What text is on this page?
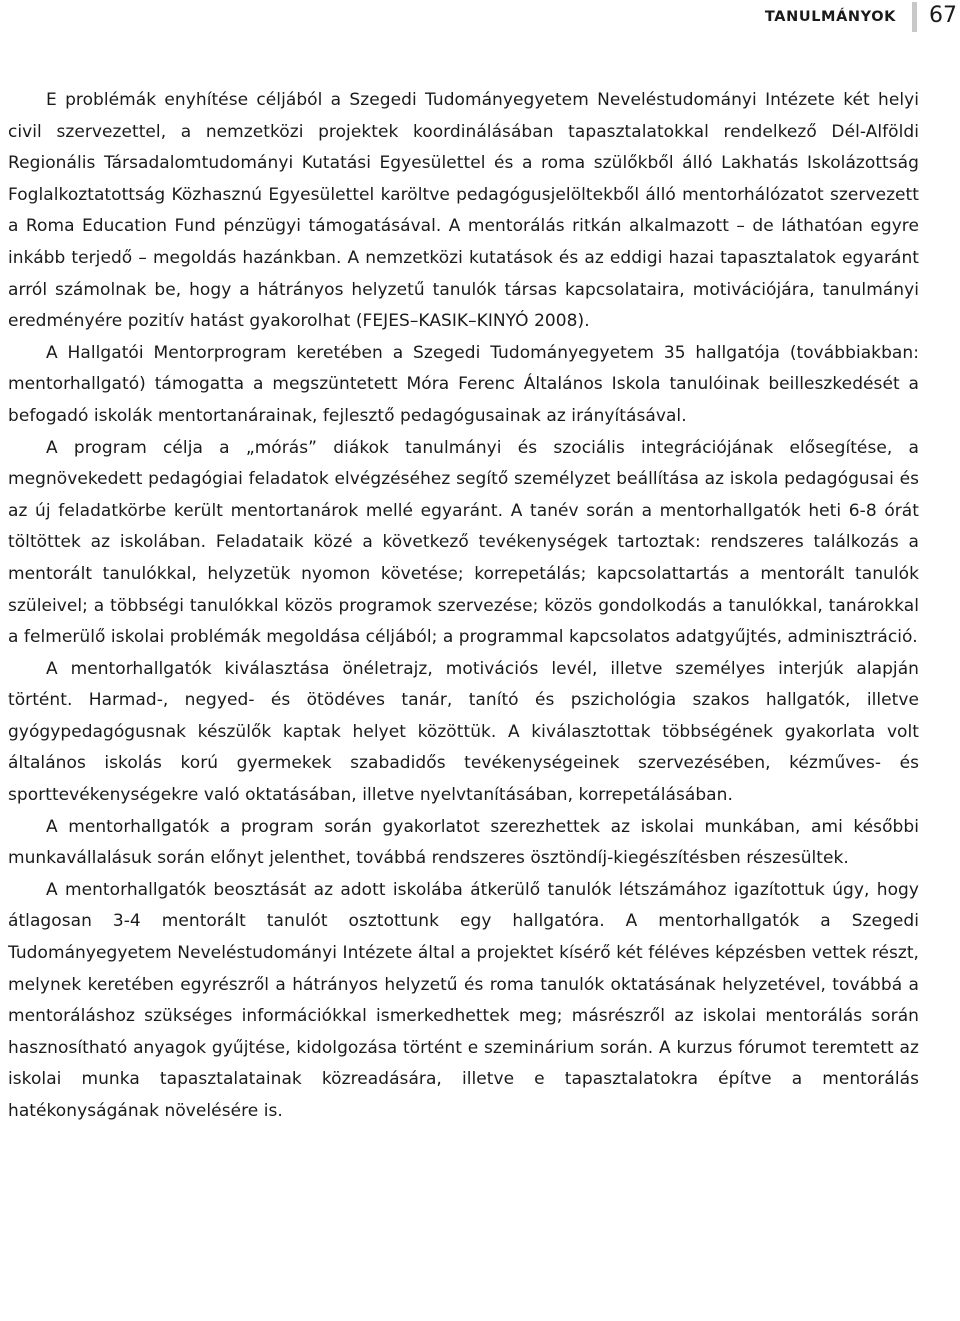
TANULMÁNYOK 67

E problémák enyhítése céljából a Szegedi Tudományegyetem Neveléstudományi Intézete két helyi civil szervezettel, a nemzetközi projektek koordinálásában tapasztalatokkal rendelkező Dél-Alföldi Regionális Társadalomtudományi Kutatási Egyesülettel és a roma szülőkből álló Lakhatás Iskolázottság Foglalkoztatottság Közhasznú Egyesülettel karöltve pedagógusjelöltekből álló mentorhálózatot szervezett a Roma Education Fund pénzügyi támogatásával. A mentorálás ritkán alkalmazott – de láthatóan egyre inkább terjedő – megoldás hazánkban. A nemzetközi kutatások és az eddigi hazai tapasztalatok egyaránt arról számolnak be, hogy a hátrányos helyzetű tanulók társas kapcsolataira, motivációjára, tanulmányi eredményére pozitív hatást gyakorolhat (FEJES–KASIK–KINYÓ 2008).

A Hallgatói Mentorprogram keretében a Szegedi Tudományegyetem 35 hallgatója (továbbiakban: mentorhallgató) támogatta a megszüntetett Móra Ferenc Általános Iskola tanulóinak beilleszkedését a befogadó iskolák mentortanárainak, fejlesztő pedagógusainak az irányításával.

A program célja a „mórás” diákok tanulmányi és szociális integrációjának elősegítése, a megnövekedett pedagógiai feladatok elvégzéséhez segítő személyzet beállítása az iskola pedagógusai és az új feladatkörbe került mentortanárok mellé egyaránt. A tanév során a mentorhallgatók heti 6-8 órát töltöttek az iskolában. Feladataik közé a következő tevékenységek tartoztak: rendszeres találkozás a mentorált tanulókkal, helyzetük nyomon követése; korrepetálás; kapcsolattartás a mentorált tanulók szüleivel; a többségi tanulókkal közös programok szervezése; közös gondolkodás a tanulókkal, tanárokkal a felmerülő iskolai problémák megoldása céljából; a programmal kapcsolatos adatgyűjtés, adminisztráció.

A mentorhallgatók kiválasztása önéletrajz, motivációs levél, illetve személyes interjúk alapján történt. Harmad-, negyed- és ötödéves tanár, tanító és pszichológia szakos hallgatók, illetve gyógypedagógusnak készülők kaptak helyet közöttük. A kiválasztottak többségének gyakorlata volt általános iskolás korú gyermekek szabadidős tevékenységeinek szervezésében, kézműves- és sporttevékenységekre való oktatásában, illetve nyelvtanításában, korrepetálásában.

A mentorhallgatók a program során gyakorlatot szerezhettek az iskolai munkában, ami későbbi munkavállalásuk során előnyt jelenthet, továbbá rendszeres ösztöndíj-kiegészítésben részesültek.

A mentorhallgatók beosztását az adott iskolába átkerülő tanulók létszámához igazítottuk úgy, hogy átlagosan 3-4 mentorált tanulót osztottunk egy hallgatóra. A mentorhallgatók a Szegedi Tudományegyetem Neveléstudományi Intézete által a projektet kísérő két féléves képzésben vettek részt, melynek keretében egyrészről a hátrányos helyzetű és roma tanulók oktatásának helyzetével, továbbá a mentoráláshoz szükséges információkkal ismerkedhettek meg; másrészről az iskolai mentorálás során hasznosítható anyagok gyűjtése, kidolgozása történt e szeminárium során. A kurzus fórumot teremtett az iskolai munka tapasztalatainak közreadására, illetve e tapasztalatokra építve a mentorálás hatékonyságának növelésére is.
